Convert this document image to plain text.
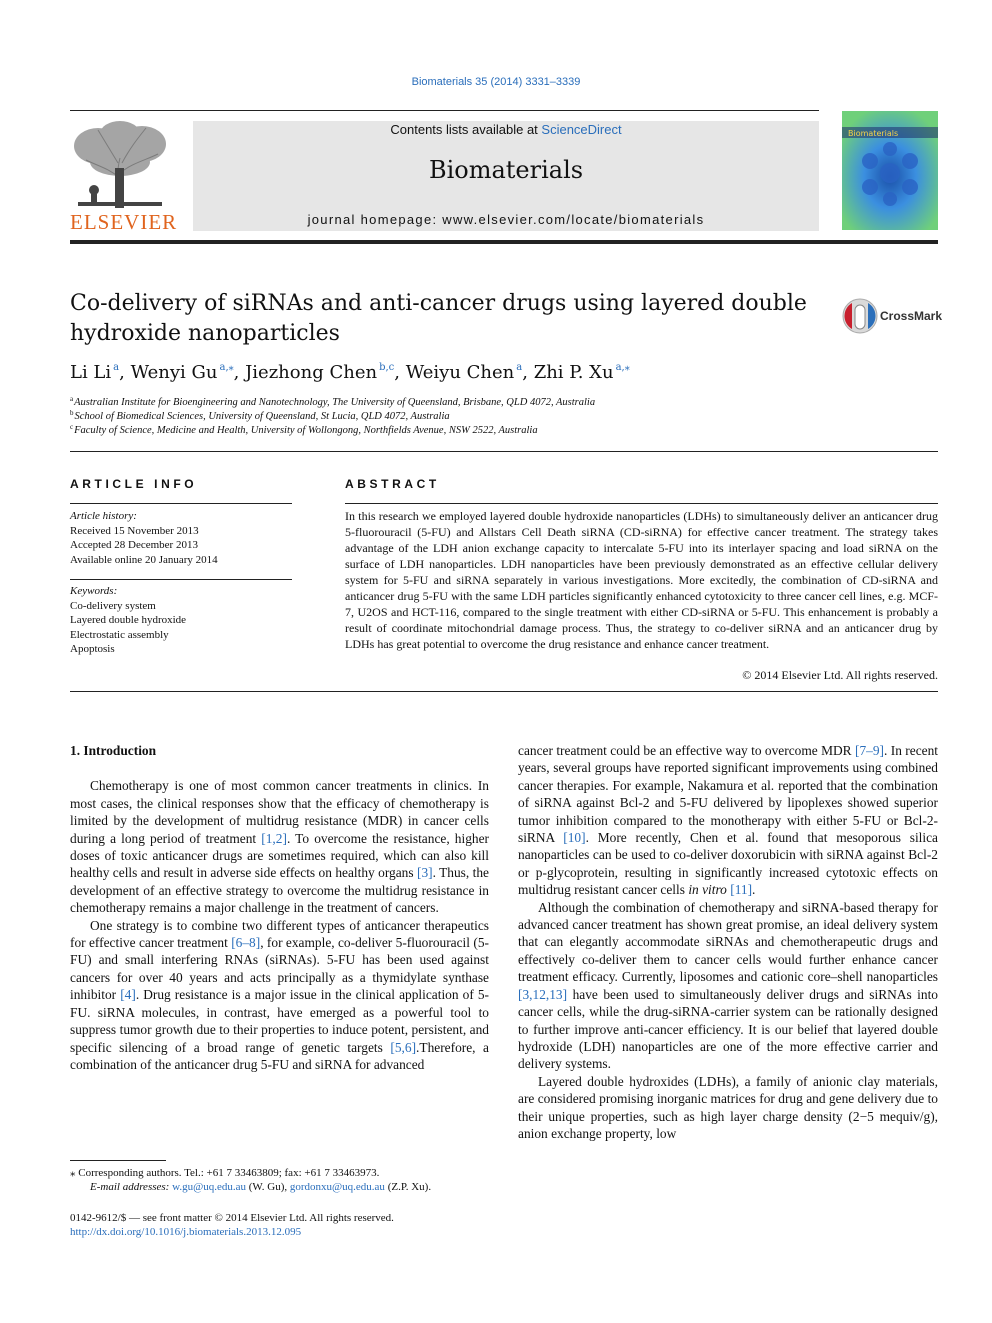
Biomaterials 35 (2014) 3331–3339
ELSEVIER
Contents lists available at ScienceDirect
Biomaterials
journal homepage: www.elsevier.com/locate/biomaterials
Biomaterials
Co-delivery of siRNAs and anti-cancer drugs using layered double hydroxide nanoparticles
CrossMark
Li Li $^a$, Wenyi Gu $^{a,⁎}$, Jiezhong Chen $^{b,c}$, Weiyu Chen $^a$, Zhi P. Xu $^{a,⁎}$
$^a$Australian Institute for Bioengineering and Nanotechnology, The University of Queensland, Brisbane, QLD 4072, Australia
$^b$School of Biomedical Sciences, University of Queensland, St Lucia, QLD 4072, Australia
$^c$Faculty of Science, Medicine and Health, University of Wollongong, Northfields Avenue, NSW 2522, Australia
ARTICLE INFO
Article history:
Received 15 November 2013
Accepted 28 December 2013
Available online 20 January 2014
Keywords:
Co-delivery system
Layered double hydroxide
Electrostatic assembly
Apoptosis
ABSTRACT
In this research we employed layered double hydroxide nanoparticles (LDHs) to simultaneously deliver an anticancer drug 5-fluorouracil (5-FU) and Allstars Cell Death siRNA (CD-siRNA) for effective cancer treatment. The strategy takes advantage of the LDH anion exchange capacity to intercalate 5-FU into its interlayer spacing and load siRNA on the surface of LDH nanoparticles. LDH nanoparticles have been previously demonstrated as an effective cellular delivery system for 5-FU and siRNA separately in various investigations. More excitedly, the combination of CD-siRNA and anticancer drug 5-FU with the same LDH particles significantly enhanced cytotoxicity to three cancer cell lines, e.g. MCF-7, U2OS and HCT-116, compared to the single treatment with either CD-siRNA or 5-FU. This enhancement is probably a result of coordinate mitochondrial damage process. Thus, the strategy to co-deliver siRNA and an anticancer drug by LDHs has great potential to overcome the drug resistance and enhance cancer treatment.
© 2014 Elsevier Ltd. All rights reserved.
1. Introduction

Chemotherapy is one of most common cancer treatments in clinics. In most cases, the clinical responses show that the efficacy of chemotherapy is limited by the development of multidrug resistance (MDR) in cancer cells during a long period of treatment [1,2]. To overcome the resistance, higher doses of toxic anticancer drugs are sometimes required, which can also kill healthy cells and result in adverse side effects on healthy organs [3]. Thus, the development of an effective strategy to overcome the multidrug resistance in chemotherapy remains a major challenge in the treatment of cancers.

One strategy is to combine two different types of anticancer therapeutics for effective cancer treatment [6–8], for example, co-deliver 5-fluorouracil (5-FU) and small interfering RNAs (siRNAs). 5-FU has been used against cancers for over 40 years and acts principally as a thymidylate synthase inhibitor [4]. Drug resistance is a major issue in the clinical application of 5-FU. siRNA molecules, in contrast, have emerged as a powerful tool to suppress tumor growth due to their properties to induce potent, persistent, and specific silencing of a broad range of genetic targets [5,6].Therefore, a combination of the anticancer drug 5-FU and siRNA for advanced

cancer treatment could be an effective way to overcome MDR [7–9]. In recent years, several groups have reported significant improvements using combined cancer therapies. For example, Nakamura et al. reported that the combination of siRNA against Bcl-2 and 5-FU delivered by lipoplexes showed superior tumor inhibition compared to the monotherapy with either 5-FU or Bcl-2-siRNA [10]. More recently, Chen et al. found that mesoporous silica nanoparticles can be used to co-deliver doxorubicin with siRNA against Bcl-2 or p-glycoprotein, resulting in significantly increased cytotoxic effects on multidrug resistant cancer cells in vitro [11].

Although the combination of chemotherapy and siRNA-based therapy for advanced cancer treatment has shown great promise, an ideal delivery system that can elegantly accommodate siRNAs and chemotherapeutic drugs and effectively co-deliver them to cancer cells would further enhance cancer treatment efficacy. Currently, liposomes and cationic core–shell nanoparticles [3,12,13] have been used to simultaneously deliver drugs and siRNAs into cancer cells, while the drug-siRNA-carrier system can be rationally designed to further improve anti-cancer efficiency. It is our belief that layered double hydroxide (LDH) nanoparticles are one of the more effective carrier and delivery systems.

Layered double hydroxides (LDHs), a family of anionic clay materials, are considered promising inorganic matrices for drug and gene delivery due to their unique properties, such as high layer charge density (2−5 mequiv/g), anion exchange property, low

⁎ Corresponding authors. Tel.: +61 7 33463809; fax: +61 7 33463973.
E-mail addresses: w.gu@uq.edu.au (W. Gu), gordonxu@uq.edu.au (Z.P. Xu).
0142-9612/$ — see front matter © 2014 Elsevier Ltd. All rights reserved.
http://dx.doi.org/10.1016/j.biomaterials.2013.12.095
